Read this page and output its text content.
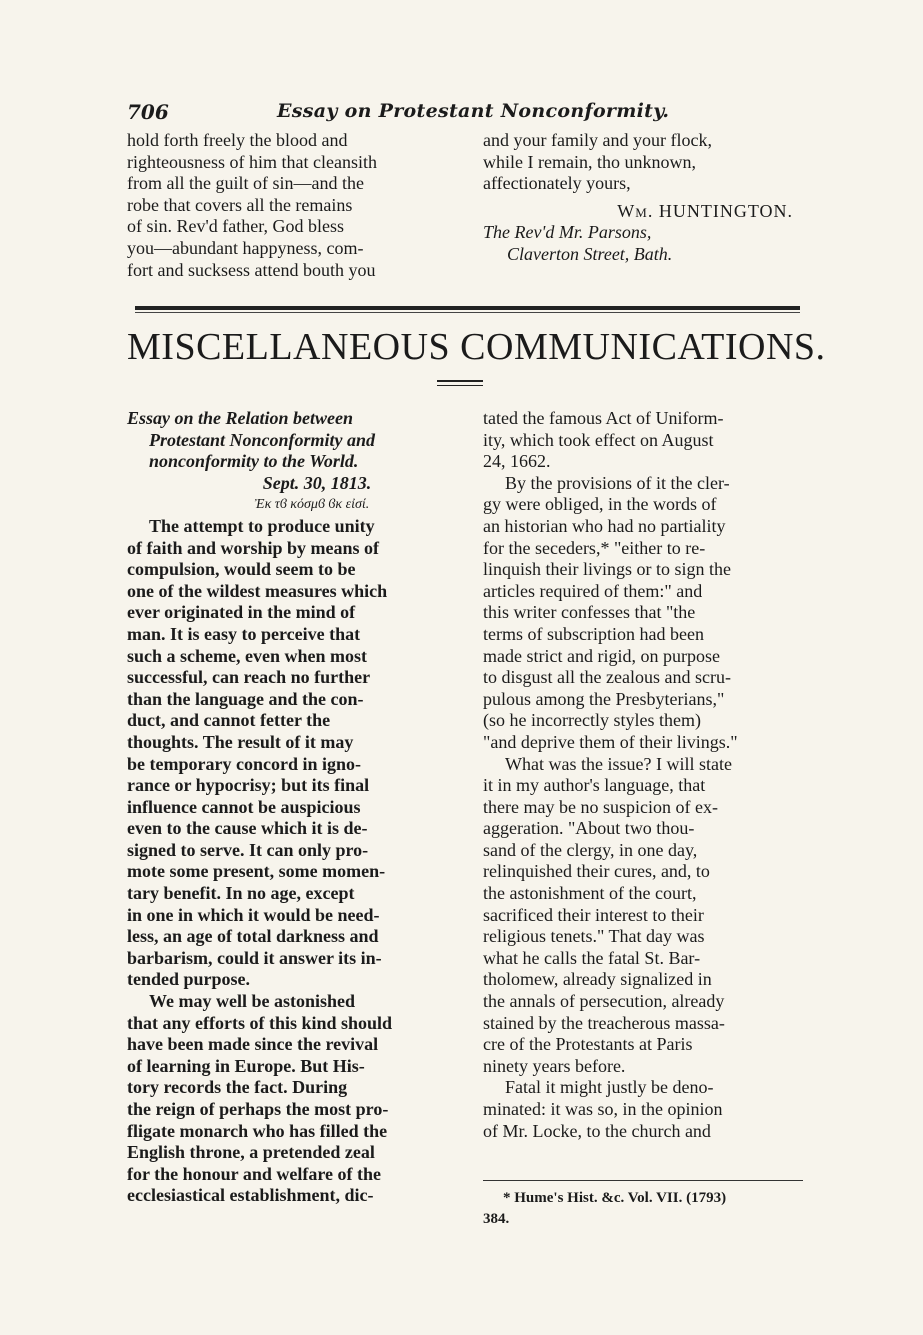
706	Essay on Protestant Nonconformity.
hold forth freely the blood and
righteousness of him that cleansith
from all the guilt of sin—and the
robe that covers all the remains
of sin. Rev'd father, God bless
you—abundant happyness, com-
fort and sucksess attend bouth you
and your family and your flock,
while I remain, tho unknown,
affectionately yours,
Wm. HUNTINGTON.
The Rev'd Mr. Parsons,
Claverton Street, Bath.
MISCELLANEOUS COMMUNICATIONS.
Essay on the Relation between
Protestant Nonconformity and
nonconformity to the World.
Sept. 30, 1813.
Ἐκ τϐ κόσμϐ ϐκ εἰσί.
The attempt to produce unity
of faith and worship by means of
compulsion, would seem to be
one of the wildest measures which
ever originated in the mind of
man. It is easy to perceive that
such a scheme, even when most
successful, can reach no further
than the language and the con-
duct, and cannot fetter the
thoughts. The result of it may
be temporary concord in igno-
rance or hypocrisy; but its final
influence cannot be auspicious
even to the cause which it is de-
signed to serve. It can only pro-
mote some present, some momen-
tary benefit. In no age, except
in one in which it would be need-
less, an age of total darkness and
barbarism, could it answer its in-
tended purpose.
We may well be astonished
that any efforts of this kind should
have been made since the revival
of learning in Europe. But His-
tory records the fact. During
the reign of perhaps the most pro-
fligate monarch who has filled the
English throne, a pretended zeal
for the honour and welfare of the
ecclesiastical establishment, dic-
tated the famous Act of Uniform-
ity, which took effect on August
24, 1662.
By the provisions of it the cler-
gy were obliged, in the words of
an historian who had no partiality
for the seceders,* "either to re-
linquish their livings or to sign the
articles required of them:" and
this writer confesses that "the
terms of subscription had been
made strict and rigid, on purpose
to disgust all the zealous and scru-
pulous among the Presbyterians,"
(so he incorrectly styles them)
"and deprive them of their livings."
What was the issue? I will state
it in my author's language, that
there may be no suspicion of ex-
aggeration. "About two thou-
sand of the clergy, in one day,
relinquished their cures, and, to
the astonishment of the court,
sacrificed their interest to their
religious tenets." That day was
what he calls the fatal St. Bar-
tholomew, already signalized in
the annals of persecution, already
stained by the treacherous massa-
cre of the Protestants at Paris
ninety years before.
Fatal it might justly be deno-
minated: it was so, in the opinion
of Mr. Locke, to the church and
* Hume's Hist. &c. Vol. VII. (1793)
384.
